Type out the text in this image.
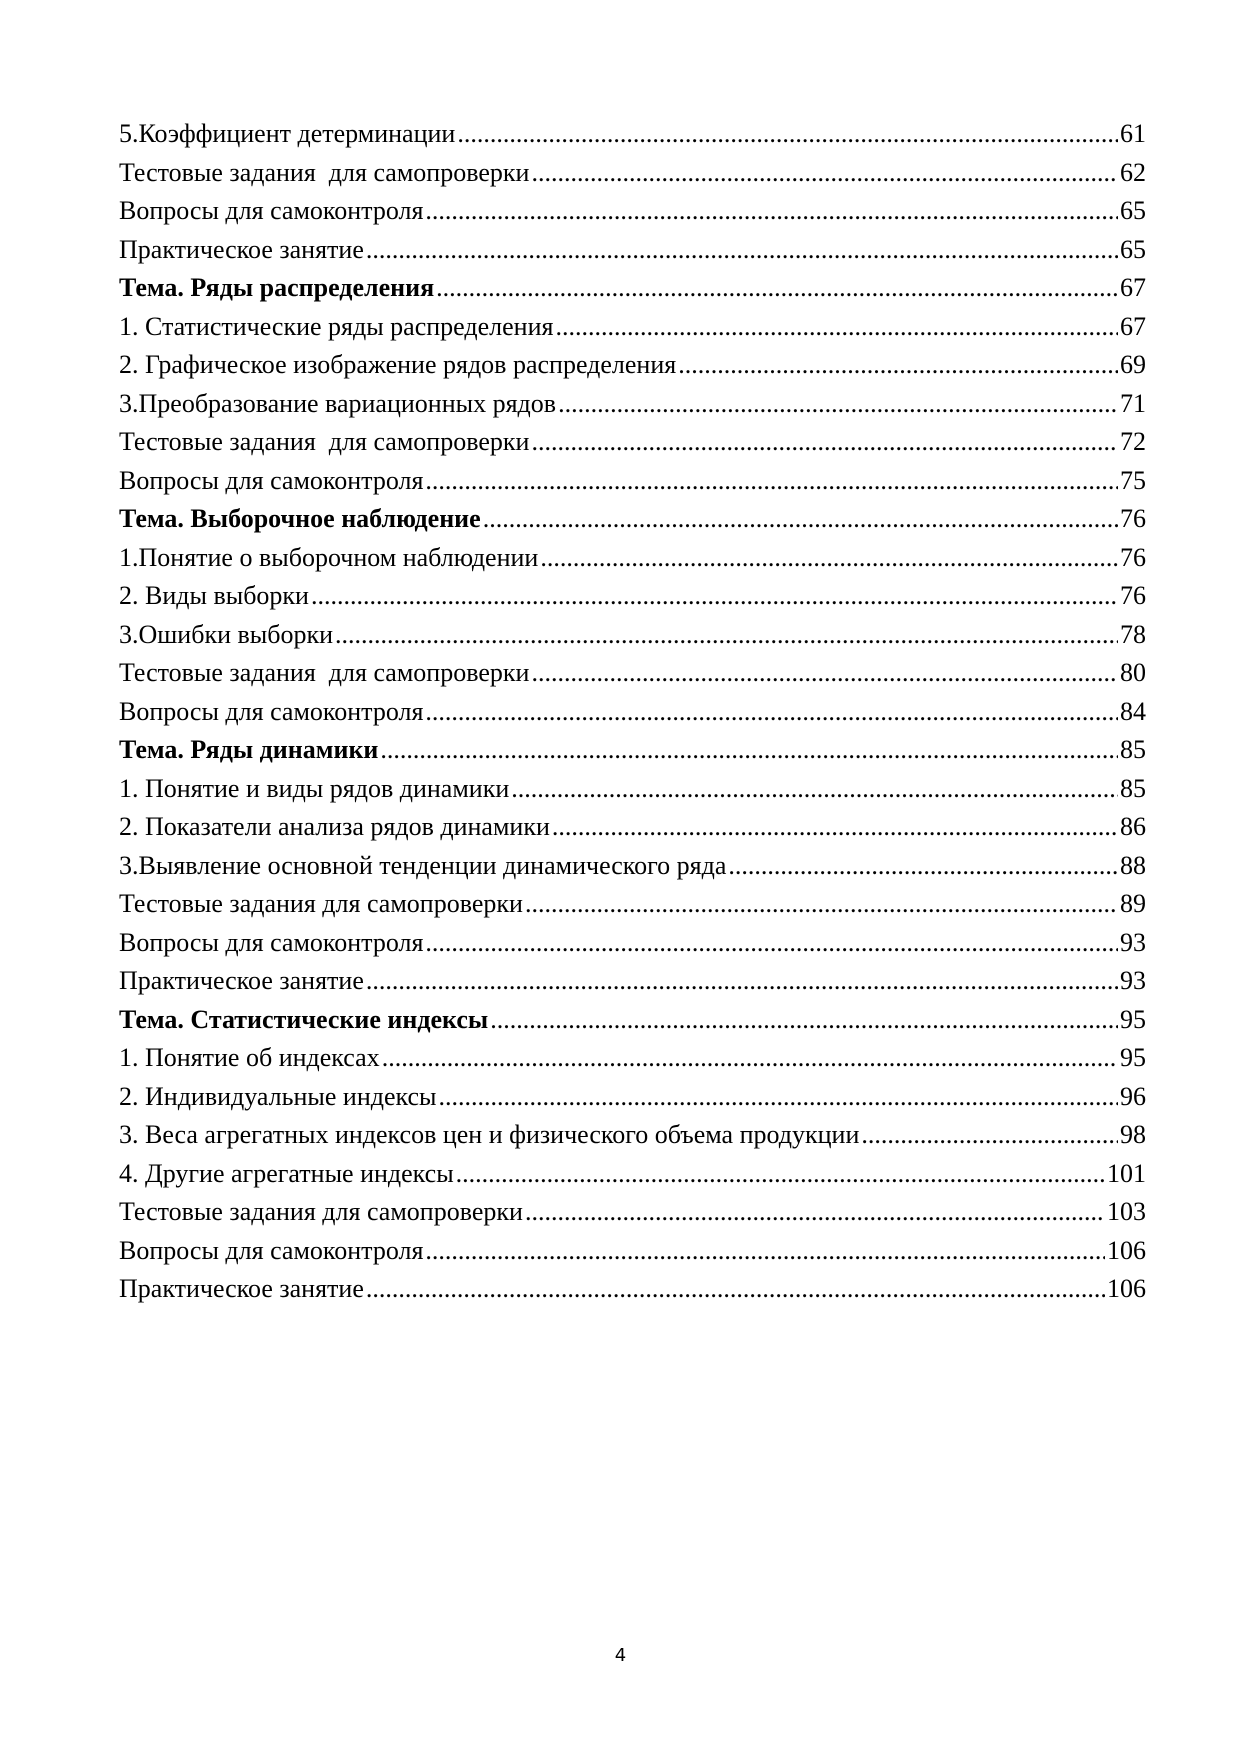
5.Коэффициент детерминации .....	61
Тестовые задания  для самопроверки .....	62
Вопросы для самоконтроля .....	65
Практическое занятие .....	65
Тема. Ряды распределения .....	67
1. Статистические ряды распределения .....	67
2. Графическое изображение рядов распределения .....	69
3.Преобразование вариационных рядов .....	71
Тестовые задания  для самопроверки .....	72
Вопросы для самоконтроля .....	75
Тема. Выборочное наблюдение .....	76
1.Понятие о выборочном наблюдении .....	76
2. Виды выборки .....	76
3.Ошибки выборки .....	78
Тестовые задания  для самопроверки .....	80
Вопросы для самоконтроля .....	84
Тема. Ряды динамики .....	85
1. Понятие и виды рядов динамики .....	85
2. Показатели анализа рядов динамики .....	86
3.Выявление основной тенденции динамического ряда .....	88
Тестовые задания для самопроверки .....	89
Вопросы для самоконтроля .....	93
Практическое занятие .....	93
Тема. Статистические индексы .....	95
1. Понятие об индексах .....	95
2. Индивидуальные индексы .....	96
3. Веса агрегатных индексов цен и физического объема продукции .....	98
4. Другие агрегатные индексы .....	101
Тестовые задания для самопроверки .....	103
Вопросы для самоконтроля .....	106
Практическое занятие .....	106
4
